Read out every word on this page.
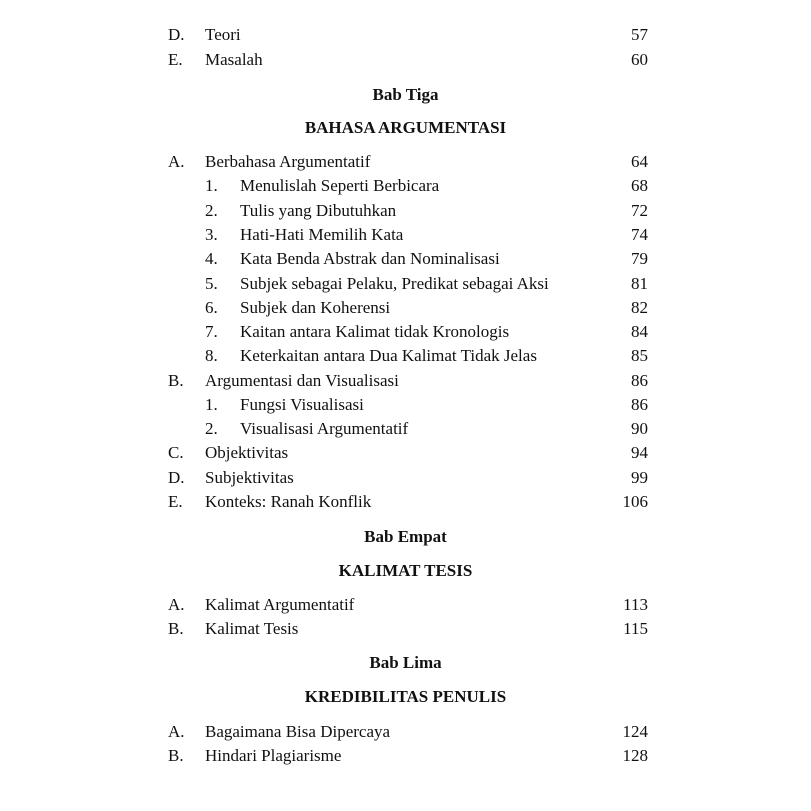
D. Teori	57
E. Masalah	60
Bab Tiga
BAHASA ARGUMENTASI
A. Berbahasa Argumentatif	64
1. Menulislah Seperti Berbicara	68
2. Tulis yang Dibutuhkan	72
3. Hati-Hati Memilih Kata	74
4. Kata Benda Abstrak dan Nominalisasi	79
5. Subjek sebagai Pelaku, Predikat sebagai Aksi	81
6. Subjek dan Koherensi	82
7. Kaitan antara Kalimat tidak Kronologis	84
8. Keterkaitan antara Dua Kalimat Tidak Jelas	85
B. Argumentasi dan Visualisasi	86
1. Fungsi Visualisasi	86
2. Visualisasi Argumentatif	90
C. Objektivitas	94
D. Subjektivitas	99
E. Konteks: Ranah Konflik	106
Bab Empat
KALIMAT TESIS
A. Kalimat Argumentatif	113
B. Kalimat Tesis	115
Bab Lima
KREDIBILITAS PENULIS
A. Bagaimana Bisa Dipercaya	124
B. Hindari Plagiarisme	128
